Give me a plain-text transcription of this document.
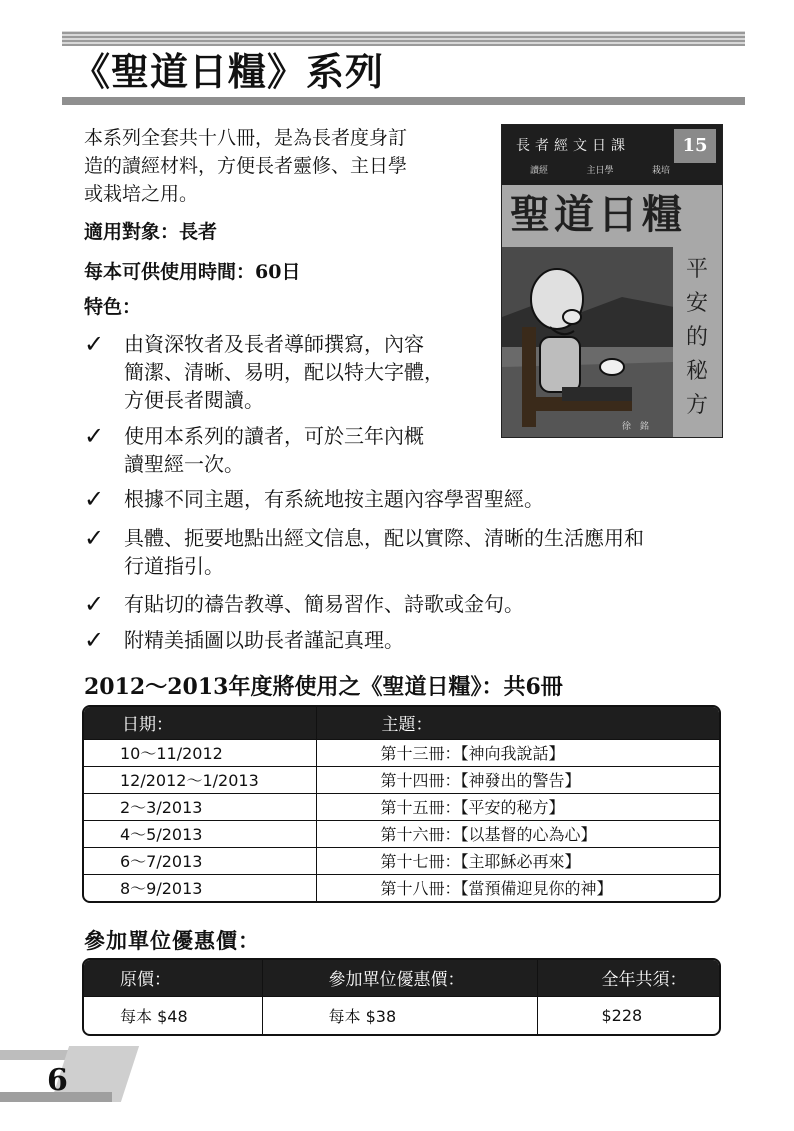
《聖道日糧》系列
本系列全套共十八冊，是為長者度身訂
造的讀經材料，方便長者靈修、主日學
或栽培之用。
適用對象：長者
每本可供使用時間：60日
特色：
✓ 由資深牧者及長者導師撰寫，內容
簡潔、清晰、易明，配以特大字體，
方便長者閱讀。
✓ 使用本系列的讀者，可於三年內概
讀聖經一次。
✓ 根據不同主題，有系統地按主題內容學習聖經。
✓ 具體、扼要地點出經文信息，配以實際、清晰的生活應用和
行道指引。
✓ 有貼切的禱告教導、簡易習作、詩歌或金句。
✓ 附精美插圖以助長者謹記真理。
長者經文日課
讀經	主日學	栽培
15
聖道日糧
平
安
的
秘
方
徐 銘
2012～2013年度將使用之《聖道日糧》：共6冊
日期：	主題：
10～11/2012	第十三冊：【神向我說話】
12/2012～1/2013	第十四冊：【神發出的警告】
2～3/2013	第十五冊：【平安的秘方】
4～5/2013	第十六冊：【以基督的心為心】
6～7/2013	第十七冊：【主耶穌必再來】
8～9/2013	第十八冊：【當預備迎見你的神】
參加單位優惠價：
原價：	參加單位優惠價：	全年共須：
每本 $48	每本 $38	$228
6
